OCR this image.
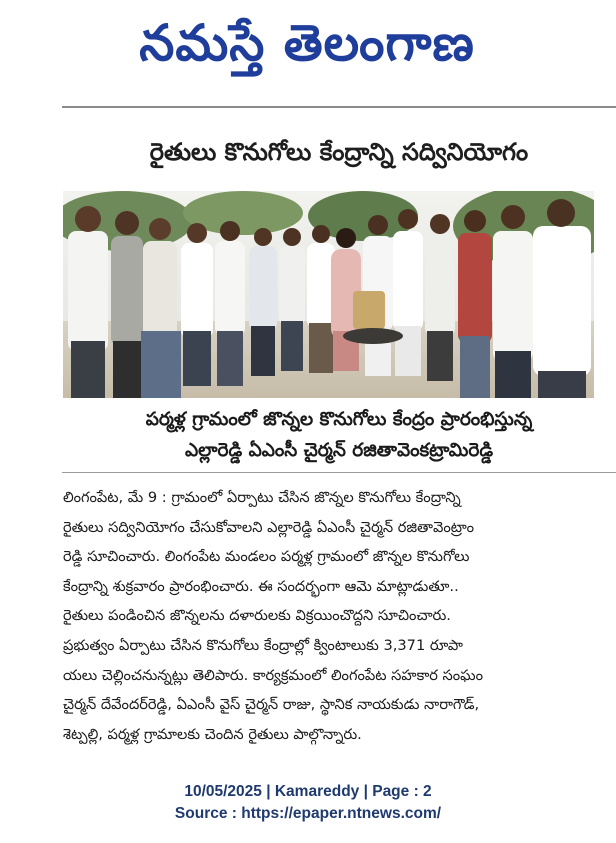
నమస్తే తెలంగాణ
రైతులు కొనుగోలు కేంద్రాన్ని సద్వినియోగం
పర్మళ్ల గ్రామంలో జొన్నల కొనుగోలు కేంద్రం ప్రారంభిస్తున్న
ఎల్లారెడ్డి ఏఎంసీ చైర్మన్ రజితావెంకట్రామిరెడ్డి
లింగంపేట, మే 9 : గ్రామంలో ఏర్పాటు చేసిన జొన్నల కొనుగోలు కేంద్రాన్ని
రైతులు సద్వినియోగం చేసుకోవాలని ఎల్లారెడ్డి ఏఎంసీ చైర్మన్ రజితావెంట్రాం
రెడ్డి సూచించారు. లింగంపేట మండలం పర్మళ్ల గ్రామంలో జొన్నల కొనుగోలు
కేంద్రాన్ని శుక్రవారం ప్రారంభించారు. ఈ సందర్భంగా ఆమె మాట్లాడుతూ..
రైతులు పండించిన జొన్నలను దళారులకు విక్రయించొద్దని సూచించారు.
ప్రభుత్వం ఏర్పాటు చేసిన కొనుగోలు కేంద్రాల్లో క్వింటాలుకు 3,371 రూపా
యలు చెల్లించనున్నట్లు తెలిపారు. కార్యక్రమంలో లింగంపేట సహకార సంఘం
చైర్మన్ దేవేందర్‌రెడ్డి, ఏఎంసీ వైస్ చైర్మన్ రాజు, స్థానిక నాయకుడు నారాగౌడ్,
శెట్పల్లి, పర్మళ్ల గ్రామాలకు చెందిన రైతులు పాల్గొన్నారు.
10/05/2025 | Kamareddy | Page : 2
Source : https://epaper.ntnews.com/
